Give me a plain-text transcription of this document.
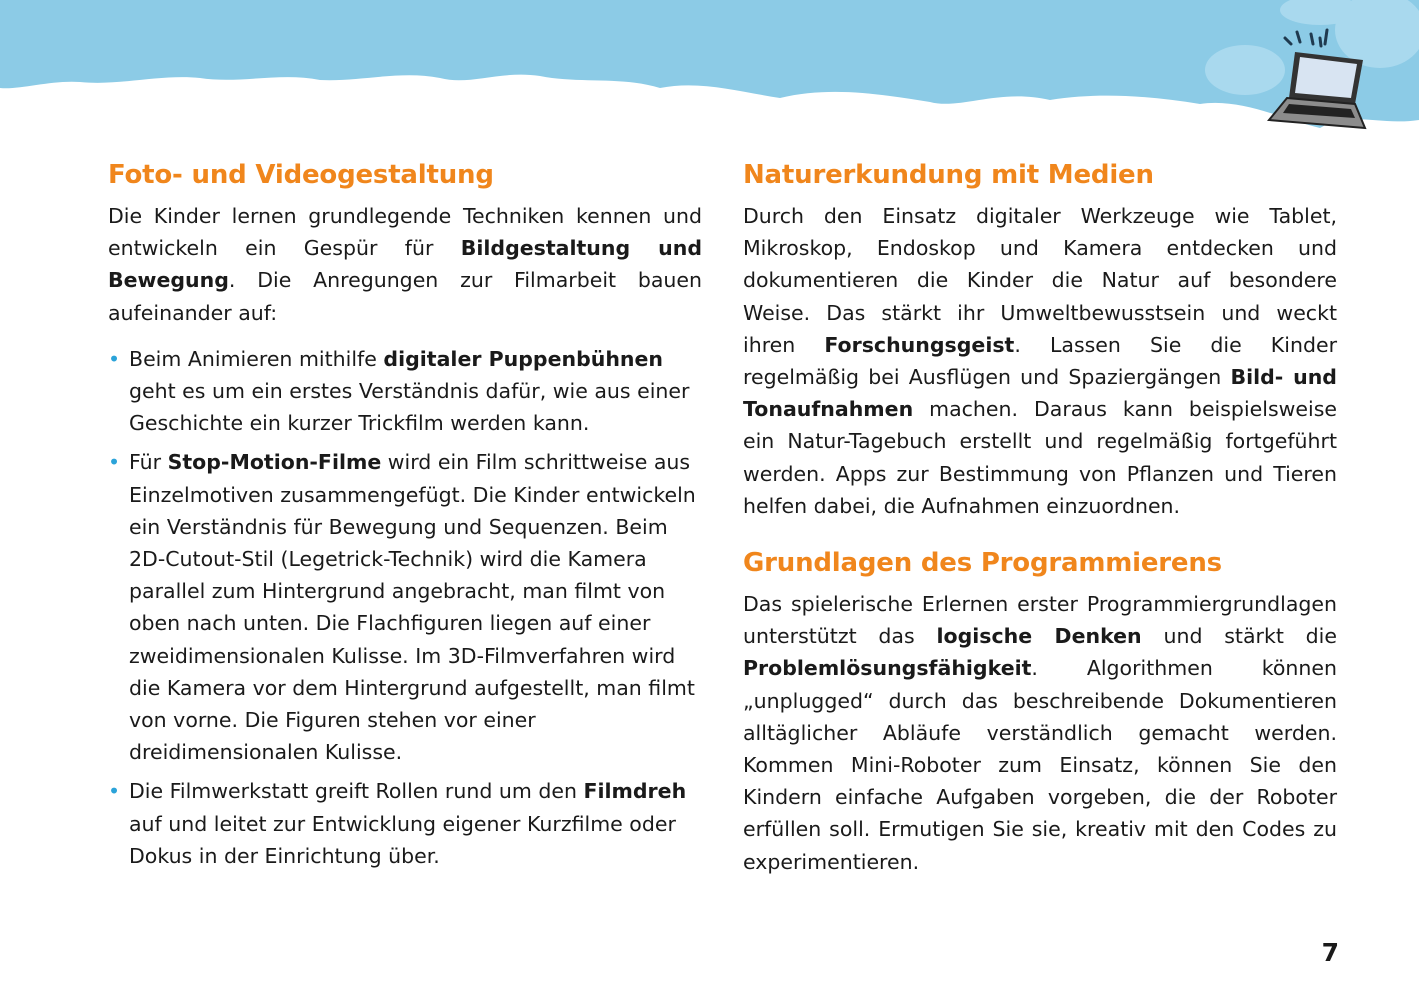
Foto- und Videogestaltung

Die Kinder lernen grundlegende Techniken kennen und entwickeln ein Gespür für Bildgestaltung und Bewegung. Die Anregungen zur Filmarbeit bauen aufeinander auf:

• Beim Animieren mithilfe digitaler Puppenbühnen geht es um ein erstes Verständnis dafür, wie aus einer Geschichte ein kurzer Trickfilm werden kann.
• Für Stop-Motion-Filme wird ein Film schrittweise aus Einzelmotiven zusammengefügt. Die Kinder entwickeln ein Verständnis für Bewegung und Sequenzen. Beim 2D-Cutout-Stil (Legetrick-Technik) wird die Kamera parallel zum Hintergrund angebracht, man filmt von oben nach unten. Die Flachfiguren liegen auf einer zweidimensionalen Kulisse. Im 3D-Filmverfahren wird die Kamera vor dem Hintergrund aufgestellt, man filmt von vorne. Die Figuren stehen vor einer dreidimensionalen Kulisse.
• Die Filmwerkstatt greift Rollen rund um den Filmdreh auf und leitet zur Entwicklung eigener Kurzfilme oder Dokus in der Einrichtung über.
Naturerkundung mit Medien

Durch den Einsatz digitaler Werkzeuge wie Tablet, Mikroskop, Endoskop und Kamera entdecken und dokumentieren die Kinder die Natur auf besondere Weise. Das stärkt ihr Umweltbewusstsein und weckt ihren Forschungsgeist. Lassen Sie die Kinder regelmäßig bei Ausflügen und Spaziergängen Bild- und Tonaufnahmen machen. Daraus kann beispielsweise ein Natur-Tagebuch erstellt und regelmäßig fortgeführt werden. Apps zur Bestimmung von Pflanzen und Tieren helfen dabei, die Aufnahmen einzuordnen.

Grundlagen des Programmierens

Das spielerische Erlernen erster Programmiergrundlagen unterstützt das logische Denken und stärkt die Problemlösungsfähigkeit. Algorithmen können „unplugged“ durch das beschreibende Dokumentieren alltäglicher Abläufe verständlich gemacht werden. Kommen Mini-Roboter zum Einsatz, können Sie den Kindern einfache Aufgaben vorgeben, die der Roboter erfüllen soll. Ermutigen Sie sie, kreativ mit den Codes zu experimentieren.

7
